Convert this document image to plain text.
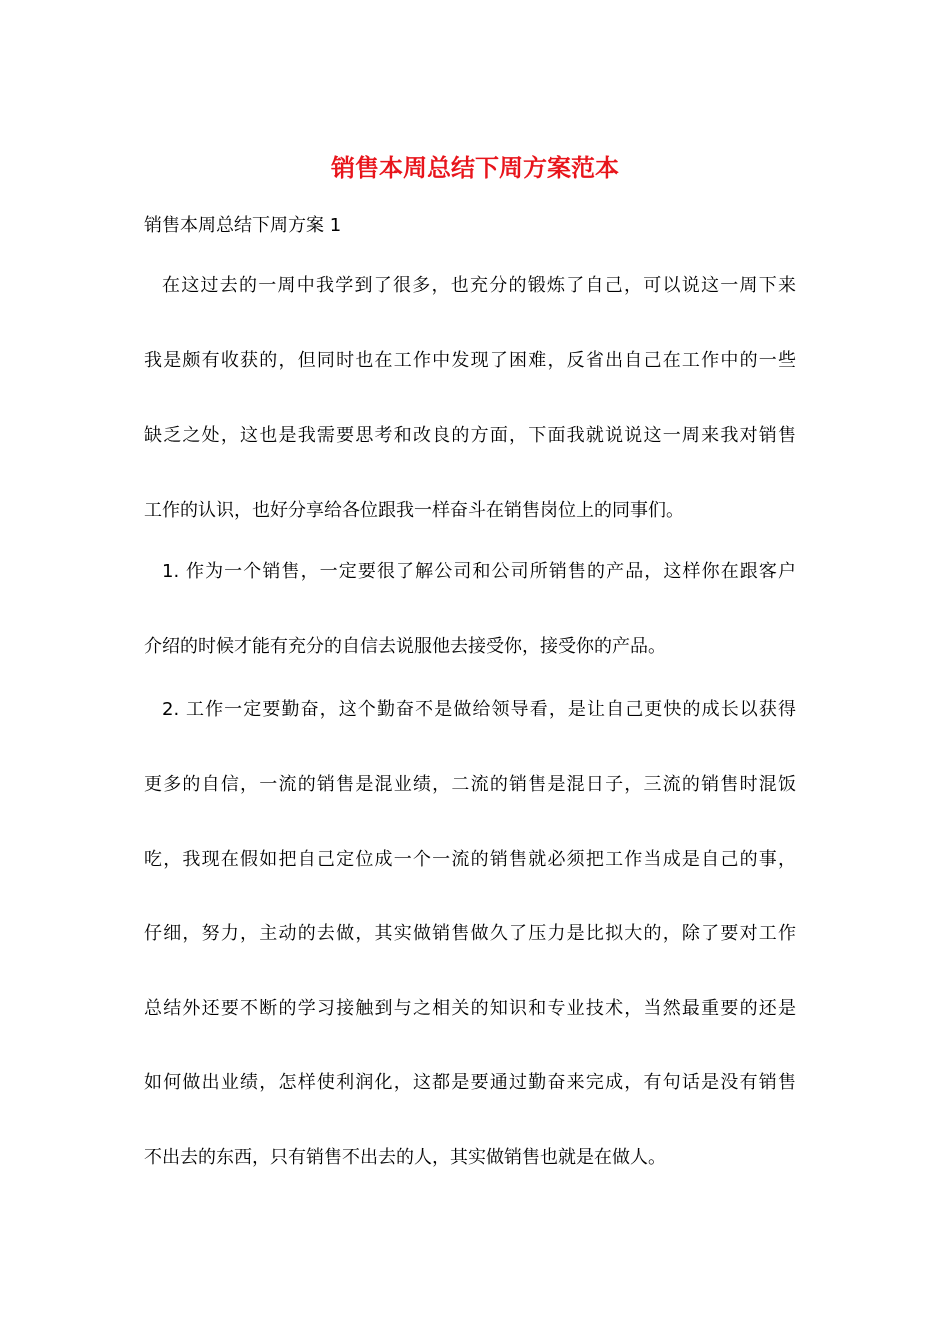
销售本周总结下周方案范本

销售本周总结下周方案 1

在这过去的一周中我学到了很多，也充分的锻炼了自己，可以说这一周下来

我是颇有收获的，但同时也在工作中发现了困难，反省出自己在工作中的一些

缺乏之处，这也是我需要思考和改良的方面，下面我就说说这一周来我对销售

工作的认识，也好分享给各位跟我一样奋斗在销售岗位上的同事们。

1. 作为一个销售，一定要很了解公司和公司所销售的产品，这样你在跟客户

介绍的时候才能有充分的自信去说服他去接受你，接受你的产品。

2. 工作一定要勤奋，这个勤奋不是做给领导看，是让自己更快的成长以获得

更多的自信，一流的销售是混业绩，二流的销售是混日子，三流的销售时混饭

吃，我现在假如把自己定位成一个一流的销售就必须把工作当成是自己的事，

仔细，努力，主动的去做，其实做销售做久了压力是比拟大的，除了要对工作

总结外还要不断的学习接触到与之相关的知识和专业技术，当然最重要的还是

如何做出业绩，怎样使利润化，这都是要通过勤奋来完成，有句话是没有销售

不出去的东西，只有销售不出去的人，其实做销售也就是在做人。
